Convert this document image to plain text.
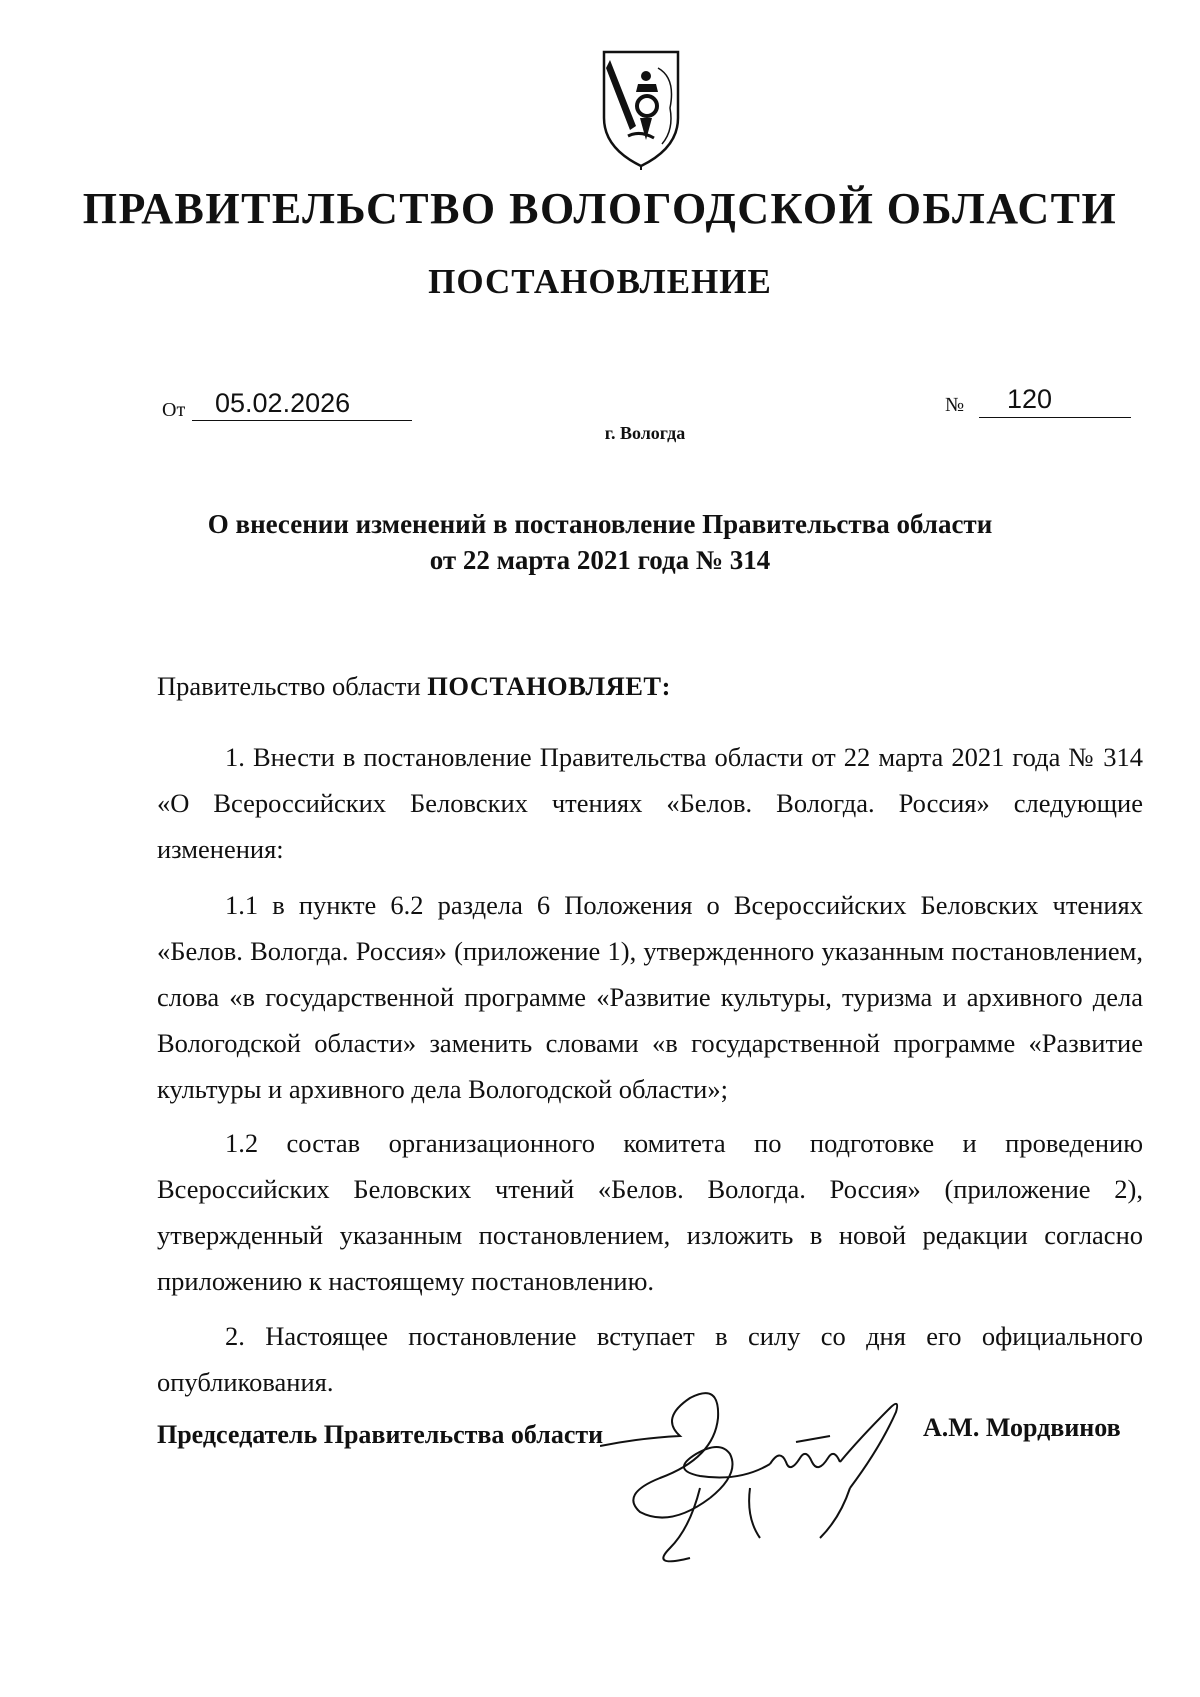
ПРАВИТЕЛЬСТВО ВОЛОГОДСКОЙ ОБЛАСТИ
ПОСТАНОВЛЕНИЕ
От 05.02.2026	№ 120
г. Вологда
О внесении изменений в постановление Правительства области
от 22 марта 2021 года № 314
Правительство области ПОСТАНОВЛЯЕТ:
1. Внести в постановление Правительства области от 22 марта 2021 года № 314 «О Всероссийских Беловских чтениях «Белов. Вологда. Россия» следующие изменения:
1.1 в пункте 6.2 раздела 6 Положения о Всероссийских Беловских чтениях «Белов. Вологда. Россия» (приложение 1), утвержденного указанным постановлением, слова «в государственной программе «Развитие культуры, туризма и архивного дела Вологодской области» заменить словами «в государственной программе «Развитие культуры и архивного дела Вологодской области»;
1.2 состав организационного комитета по подготовке и проведению Всероссийских Беловских чтений «Белов. Вологда. Россия» (приложение 2), утвержденный указанным постановлением, изложить в новой редакции согласно приложению к настоящему постановлению.
2. Настоящее постановление вступает в силу со дня его официального опубликования.
Председатель Правительства области	А.М. Мордвинов
